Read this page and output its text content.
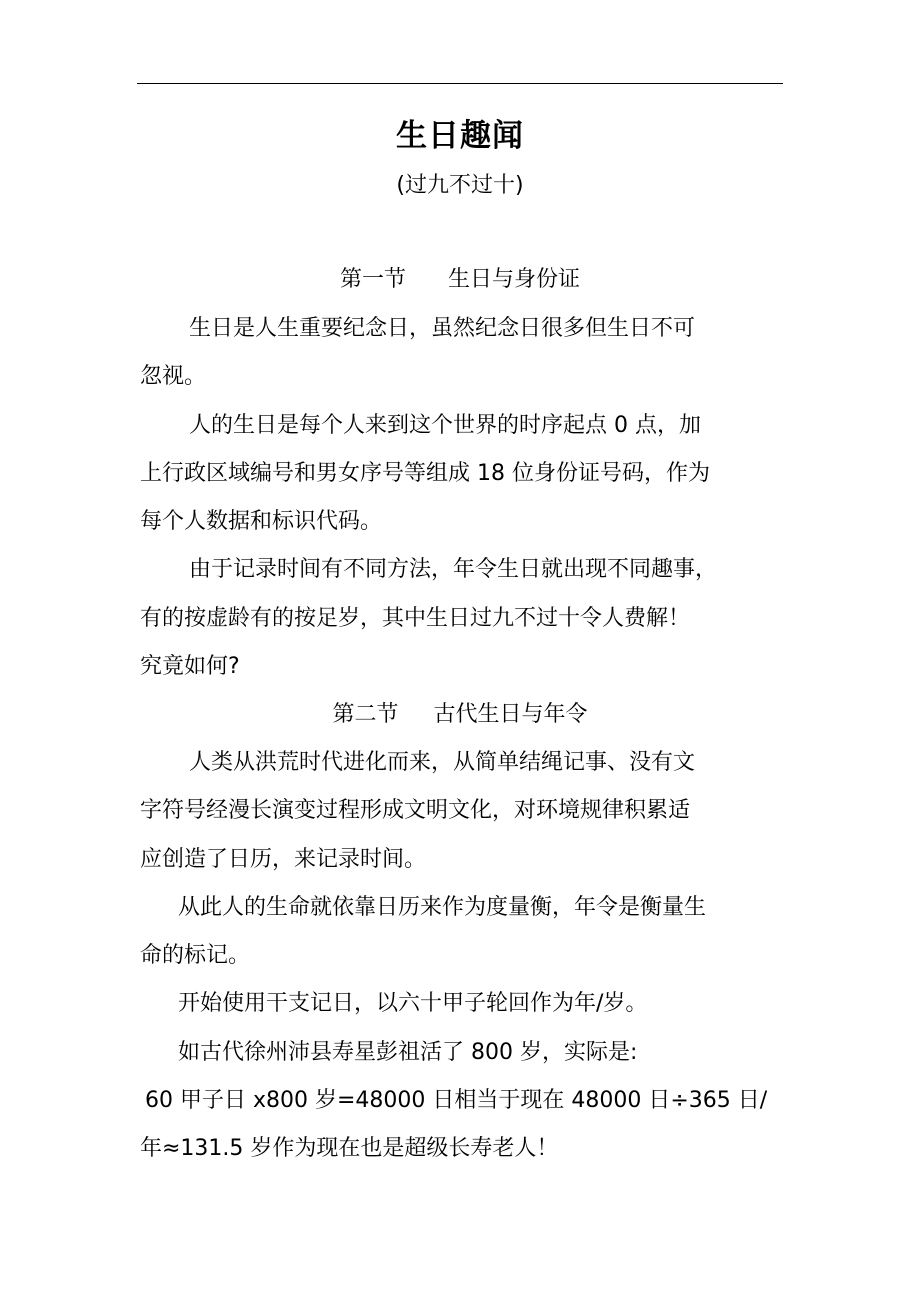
生日趣闻
(过九不过十)
第一节      生日与身份证
生日是人生重要纪念日，虽然纪念日很多但生日不可
忽视。
人的生日是每个人来到这个世界的时序起点 0 点，加
上行政区域编号和男女序号等组成 18 位身份证号码，作为
每个人数据和标识代码。
由于记录时间有不同方法，年令生日就出现不同趣事，
有的按虚龄有的按足岁，其中生日过九不过十令人费解！
究竟如何?
第二节     古代生日与年令
人类从洪荒时代进化而来，从简单结绳记事、没有文
字符号经漫长演变过程形成文明文化，对环境规律积累适
应创造了日历，来记录时间。
从此人的生命就依靠日历来作为度量衡，年令是衡量生
命的标记。
开始使用干支记日，以六十甲子轮回作为年/岁。
如古代徐州沛县寿星彭祖活了 800 岁，实际是:
60 甲子日 x800 岁=48000 日相当于现在 48000 日÷365 日/
年≈131.5 岁作为现在也是超级长寿老人！
